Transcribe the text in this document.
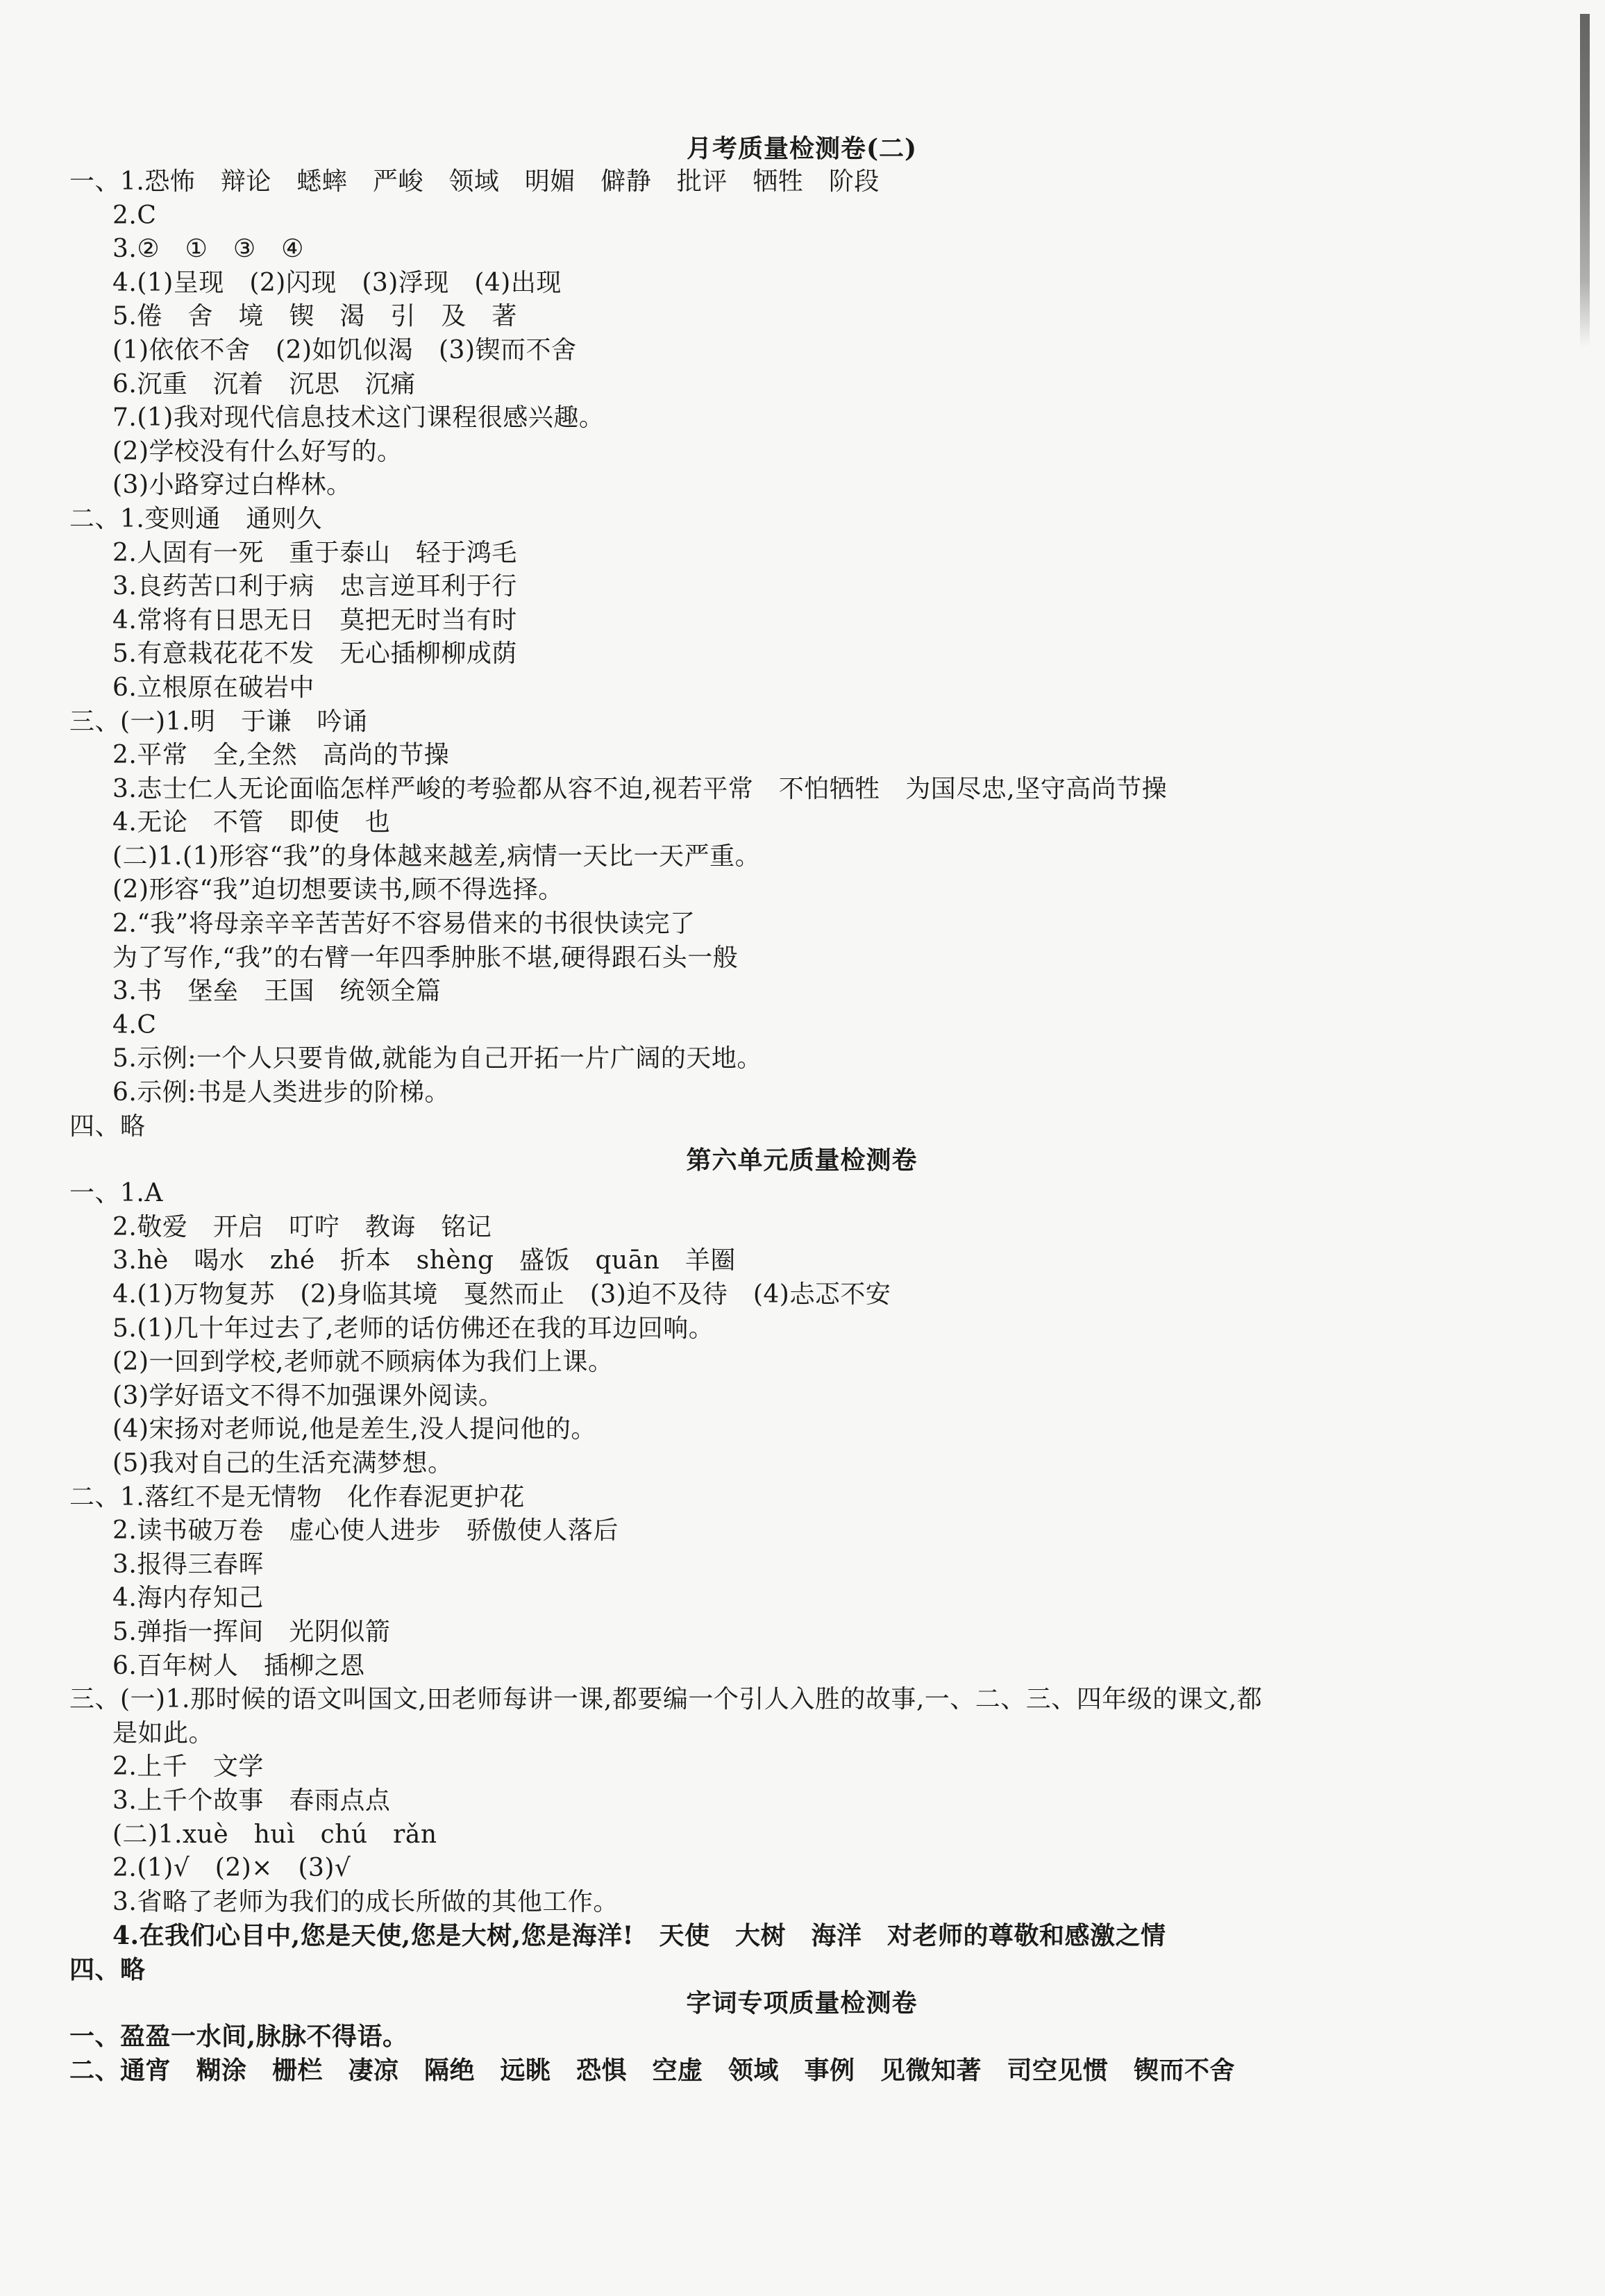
月考质量检测卷(二)
一、1.恐怖　辩论　蟋蟀　严峻　领域　明媚　僻静　批评　牺牲　阶段
2.C
3.②　①　③　④
4.(1)呈现　(2)闪现　(3)浮现　(4)出现
5.倦　舍　境　锲　渴　引　及　著
(1)依依不舍　(2)如饥似渴　(3)锲而不舍
6.沉重　沉着　沉思　沉痛
7.(1)我对现代信息技术这门课程很感兴趣。
(2)学校没有什么好写的。
(3)小路穿过白桦林。
二、1.变则通　通则久
2.人固有一死　重于泰山　轻于鸿毛
3.良药苦口利于病　忠言逆耳利于行
4.常将有日思无日　莫把无时当有时
5.有意栽花花不发　无心插柳柳成荫
6.立根原在破岩中
三、(一)1.明　于谦　吟诵
2.平常　全,全然　高尚的节操
3.志士仁人无论面临怎样严峻的考验都从容不迫,视若平常　不怕牺牲　为国尽忠,坚守高尚节操
4.无论　不管　即使　也
(二)1.(1)形容“我”的身体越来越差,病情一天比一天严重。
(2)形容“我”迫切想要读书,顾不得选择。
2.“我”将母亲辛辛苦苦好不容易借来的书很快读完了
为了写作,“我”的右臂一年四季肿胀不堪,硬得跟石头一般
3.书　堡垒　王国　统领全篇
4.C
5.示例:一个人只要肯做,就能为自己开拓一片广阔的天地。
6.示例:书是人类进步的阶梯。
四、略
第六单元质量检测卷
一、1.A
2.敬爱　开启　叮咛　教诲　铭记
3.hè　喝水　zhé　折本　shèng　盛饭　quān　羊圈
4.(1)万物复苏　(2)身临其境　戛然而止　(3)迫不及待　(4)忐忑不安
5.(1)几十年过去了,老师的话仿佛还在我的耳边回响。
(2)一回到学校,老师就不顾病体为我们上课。
(3)学好语文不得不加强课外阅读。
(4)宋扬对老师说,他是差生,没人提问他的。
(5)我对自己的生活充满梦想。
二、1.落红不是无情物　化作春泥更护花
2.读书破万卷　虚心使人进步　骄傲使人落后
3.报得三春晖
4.海内存知己
5.弹指一挥间　光阴似箭
6.百年树人　插柳之恩
三、(一)1.那时候的语文叫国文,田老师每讲一课,都要编一个引人入胜的故事,一、二、三、四年级的课文,都
是如此。
2.上千　文学
3.上千个故事　春雨点点
(二)1.xuè　huì　chú　rǎn
2.(1)√　(2)×　(3)√
3.省略了老师为我们的成长所做的其他工作。
4.在我们心目中,您是天使,您是大树,您是海洋!　天使　大树　海洋　对老师的尊敬和感激之情
四、略
字词专项质量检测卷
一、盈盈一水间,脉脉不得语。
二、通宵　糊涂　栅栏　凄凉　隔绝　远眺　恐惧　空虚　领域　事例　见微知著　司空见惯　锲而不舍
